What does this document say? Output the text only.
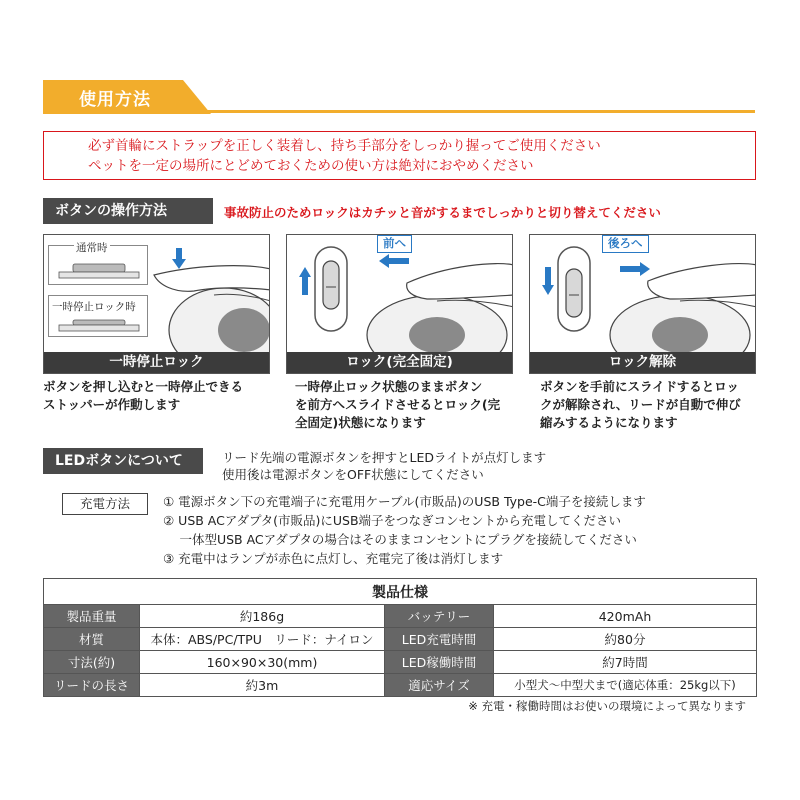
使用方法
必ず首輪にストラップを正しく装着し、持ち手部分をしっかり握ってご使用ください
ペットを一定の場所にとどめておくための使い方は絶対におやめください
ボタンの操作方法	事故防止のためロックはカチッと音がするまでしっかりと切り替えてください
通常時
一時停止ロック時
一時停止ロック
前へ
ロック(完全固定)
後ろへ
ロック解除
ボタンを押し込むと一時停止できる
ストッパーが作動します
一時停止ロック状態のままボタン
を前方へスライドさせるとロック(完
全固定)状態になります
ボタンを手前にスライドするとロッ
クが解除され、リードが自動で伸び
縮みするようになります
LEDボタンについて	リード先端の電源ボタンを押すとLEDライトが点灯します
使用後は電源ボタンをOFF状態にしてください
充電方法	① 電源ボタン下の充電端子に充電用ケーブル(市販品)のUSB Type-C端子を接続します
② USB ACアダプタ(市販品)にUSB端子をつなぎコンセントから充電してください
　 一体型USB ACアダプタの場合はそのままコンセントにプラグを接続してください
③ 充電中はランプが赤色に点灯し、充電完了後は消灯します
製品仕様			
製品重量	約186g	バッテリー	420mAh
材質	本体：ABS/PC/TPU　リード：ナイロン	LED充電時間	約80分
寸法(約)	160×90×30(mm)	LED稼働時間	約7時間
リードの長さ	約3m	適応サイズ	小型犬〜中型犬まで(適応体重：25kg以下)
※ 充電・稼働時間はお使いの環境によって異なります
